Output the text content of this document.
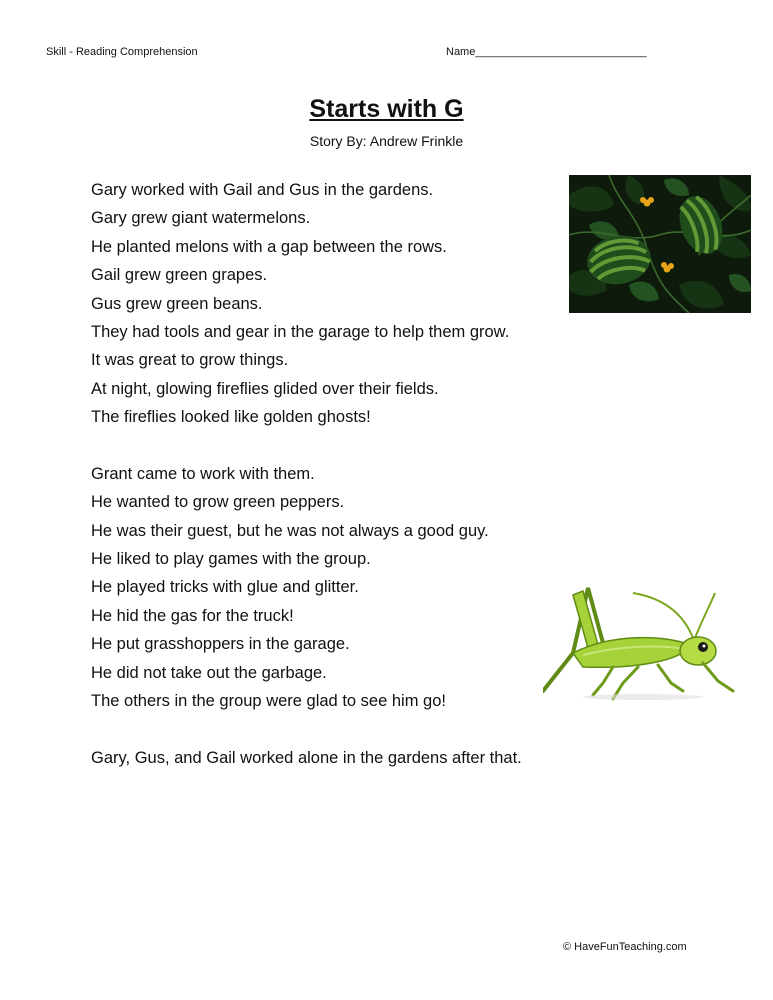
Skill - Reading Comprehension	Name____________________________
Starts with G
Story By: Andrew Frinkle
Gary worked with Gail and Gus in the gardens.
Gary grew giant watermelons.
He planted melons with a gap between the rows.
Gail grew green grapes.
Gus grew green beans.
They had tools and gear in the garage to help them grow.
It was great to grow things.
At night, glowing fireflies glided over their fields.
The fireflies looked like golden ghosts!
Grant came to work with them.
He wanted to grow green peppers.
He was their guest, but he was not always a good guy.
He liked to play games with the group.
He played tricks with glue and glitter.
He hid the gas for the truck!
He put grasshoppers in the garage.
He did not take out the garbage.
The others in the group were glad to see him go!
Gary, Gus, and Gail worked alone in the gardens after that.
© HaveFunTeaching.com
